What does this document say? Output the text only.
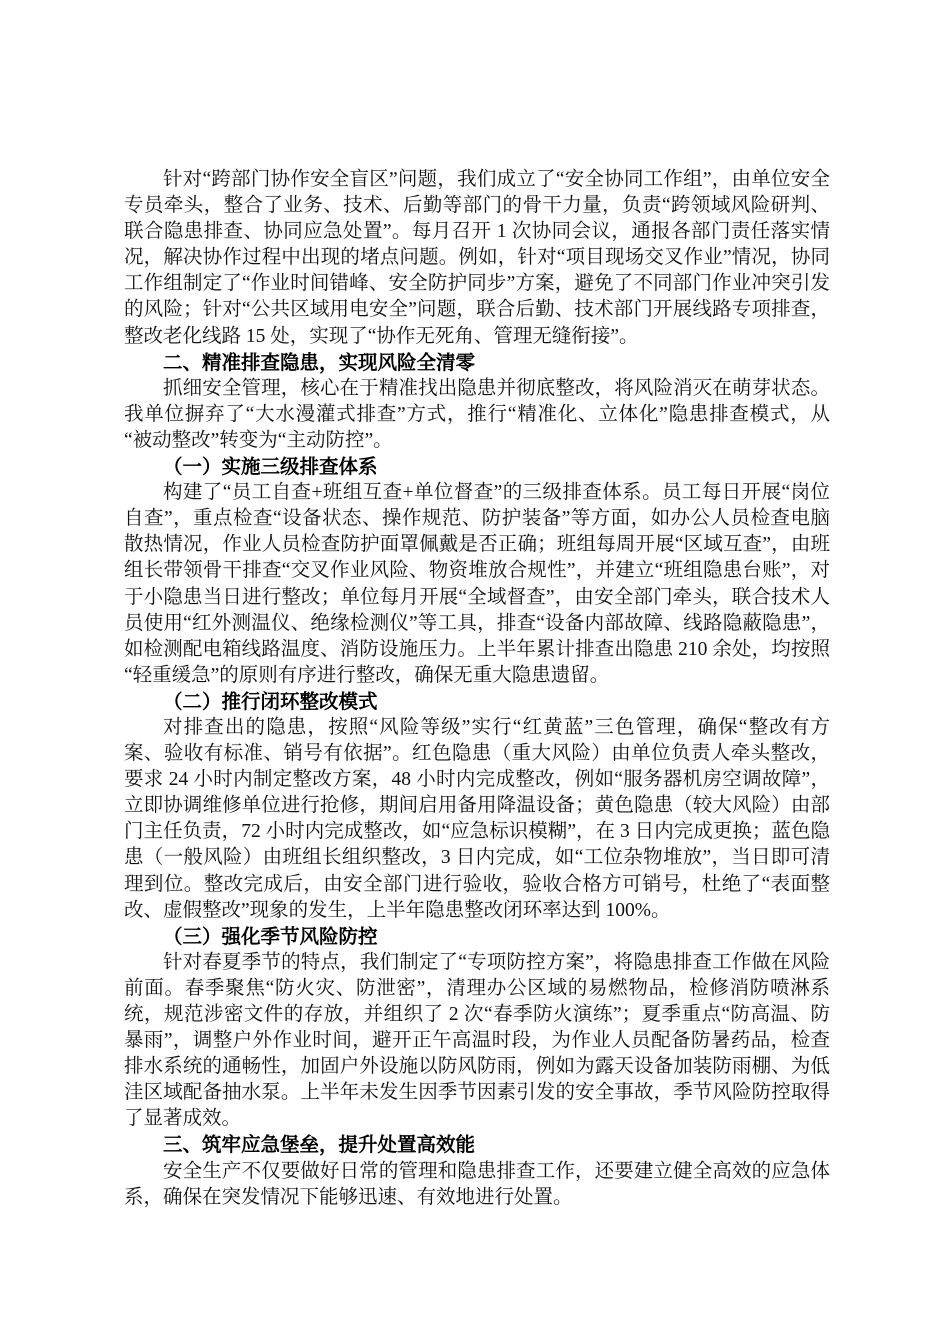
针对“跨部门协作安全盲区”问题，我们成立了“安全协同工作组”，由单位安全专员牵头，整合了业务、技术、后勤等部门的骨干力量，负责“跨领域风险研判、联合隐患排查、协同应急处置”。每月召开 1 次协同会议，通报各部门责任落实情况，解决协作过程中出现的堵点问题。例如，针对“项目现场交叉作业”情况，协同工作组制定了“作业时间错峰、安全防护同步”方案，避免了不同部门作业冲突引发的风险；针对“公共区域用电安全”问题，联合后勤、技术部门开展线路专项排查，整改老化线路 15 处，实现了“协作无死角、管理无缝衔接”。

二、精准排查隐患，实现风险全清零

抓细安全管理，核心在于精准找出隐患并彻底整改，将风险消灭在萌芽状态。我单位摒弃了“大水漫灌式排查”方式，推行“精准化、立体化”隐患排查模式，从“被动整改”转变为“主动防控”。

（一）实施三级排查体系

构建了“员工自查+班组互查+单位督查”的三级排查体系。员工每日开展“岗位自查”，重点检查“设备状态、操作规范、防护装备”等方面，如办公人员检查电脑散热情况，作业人员检查防护面罩佩戴是否正确；班组每周开展“区域互查”，由班组长带领骨干排查“交叉作业风险、物资堆放合规性”，并建立“班组隐患台账”，对于小隐患当日进行整改；单位每月开展“全域督查”，由安全部门牵头，联合技术人员使用“红外测温仪、绝缘检测仪”等工具，排查“设备内部故障、线路隐蔽隐患”，如检测配电箱线路温度、消防设施压力。上半年累计排查出隐患 210 余处，均按照“轻重缓急”的原则有序进行整改，确保无重大隐患遗留。

（二）推行闭环整改模式

对排查出的隐患，按照“风险等级”实行“红黄蓝”三色管理，确保“整改有方案、验收有标准、销号有依据”。红色隐患（重大风险）由单位负责人牵头整改，要求 24 小时内制定整改方案，48 小时内完成整改，例如“服务器机房空调故障”，立即协调维修单位进行抢修，期间启用备用降温设备；黄色隐患（较大风险）由部门主任负责，72 小时内完成整改，如“应急标识模糊”，在 3 日内完成更换；蓝色隐患（一般风险）由班组长组织整改，3 日内完成，如“工位杂物堆放”，当日即可清理到位。整改完成后，由安全部门进行验收，验收合格方可销号，杜绝了“表面整改、虚假整改”现象的发生，上半年隐患整改闭环率达到 100%。

（三）强化季节风险防控

针对春夏季节的特点，我们制定了“专项防控方案”，将隐患排查工作做在风险前面。春季聚焦“防火灾、防泄密”，清理办公区域的易燃物品，检修消防喷淋系统，规范涉密文件的存放，并组织了 2 次“春季防火演练”；夏季重点“防高温、防暴雨”，调整户外作业时间，避开正午高温时段，为作业人员配备防暑药品，检查排水系统的通畅性，加固户外设施以防风防雨，例如为露天设备加装防雨棚、为低洼区域配备抽水泵。上半年未发生因季节因素引发的安全事故，季节风险防控取得了显著成效。

三、筑牢应急堡垒，提升处置高效能

安全生产不仅要做好日常的管理和隐患排查工作，还要建立健全高效的应急体系，确保在突发情况下能够迅速、有效地进行处置。
